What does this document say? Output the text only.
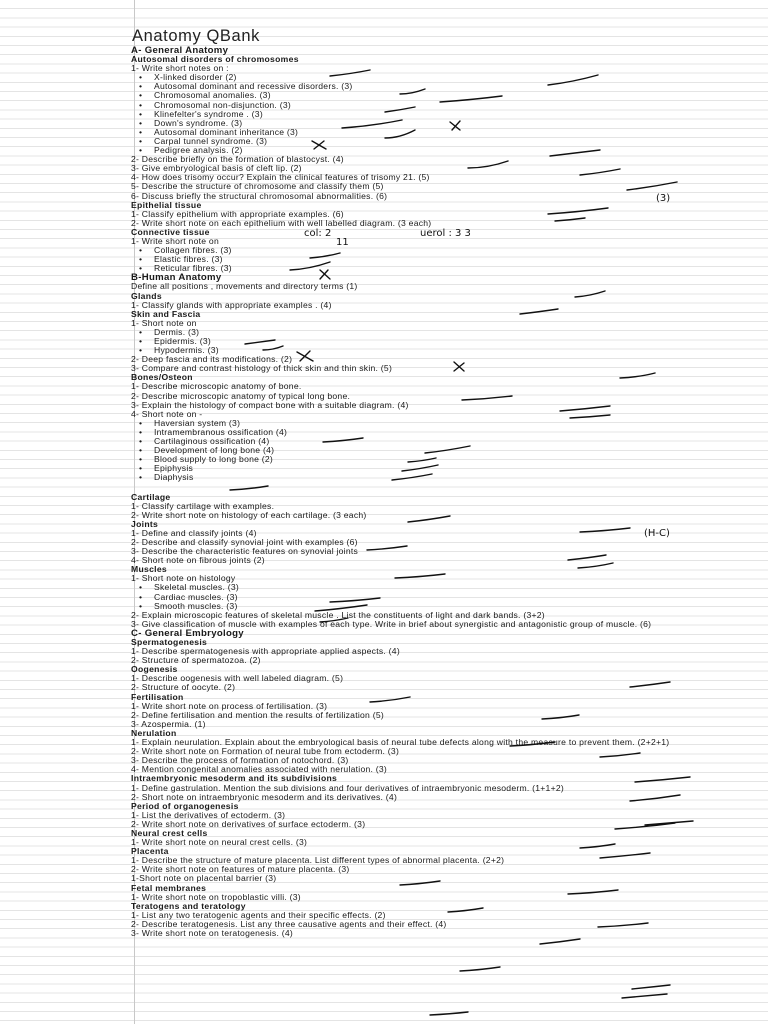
Anatomy QBank
A- General Anatomy
Autosomal disorders of chromosomes
1- Write short notes on :
• X-linked disorder (2)
• Autosomal dominant and recessive disorders. (3)
• Chromosomal anomalies. (3)
• Chromosomal non-disjunction. (3)
• Klinefelter's syndrome . (3)
• Down's syndrome. (3)
• Autosomal dominant inheritance (3)
• Carpal tunnel syndrome. (3)
• Pedigree analysis. (2)
2- Describe briefly on the formation of blastocyst. (4)
3- Give embryological basis of cleft lip. (2)
4- How does trisomy occur? Explain the clinical features of trisomy 21. (5)
5- Describe the structure of chromosome and classify them (5)
6- Discuss briefly the structural chromosomal abnormalities. (6)
Epithelial tissue
1- Classify epithelium with appropriate examples. (6)
2- Write short note on each epithelium with well labelled diagram. (3 each)
Connective tissue
1- Write short note on
• Collagen fibres. (3)
• Elastic fibres. (3)
• Reticular fibres. (3)
B-Human Anatomy
Define all positions , movements and directory terms (1)
Glands
1- Classify glands with appropriate examples . (4)
Skin and Fascia
1- Short note on
• Dermis. (3)
• Epidermis. (3)
• Hypodermis. (3)
2- Deep fascia and its modifications. (2)
3- Compare and contrast histology of thick skin and thin skin. (5)
Bones/Osteon
1- Describe microscopic anatomy of bone.
2- Describe microscopic anatomy of typical long bone.
3- Explain the histology of compact bone with a suitable diagram. (4)
4- Short note on -
• Haversian system (3)
• Intramembranous ossification (4)
• Cartilaginous ossification (4)
• Development of long bone (4)
• Blood supply to long bone (2)
• Epiphysis
• Diaphysis
Cartilage
1- Classify cartilage with examples.
2- Write short note on histology of each cartilage. (3 each)
Joints
1- Define and classify joints (4)
2- Describe and classify synovial joint with examples (6)
3- Describe the characteristic features on synovial joints
4- Short note on fibrous joints (2)
Muscles
1- Short note on histology
• Skeletal muscles. (3)
• Cardiac muscles. (3)
• Smooth muscles. (3)
2- Explain microscopic features of skeletal muscle . List the constituents of light and dark bands. (3+2)
3- Give classification of muscle with examples of each type. Write in brief about synergistic and antagonistic group of muscle. (6)
C- General Embryology
Spermatogenesis
1- Describe spermatogenesis with appropriate applied aspects. (4)
2- Structure of spermatozoa. (2)
Oogenesis
1- Describe oogenesis with well labeled diagram. (5)
2- Structure of oocyte. (2)
Fertilisation
1- Write short note on process of fertilisation. (3)
2- Define fertilisation and mention the results of fertilization (5)
3- Azospermia. (1)
Nerulation
1- Explain neurulation. Explain about the embryological basis of neural tube defects along with the measure to prevent them. (2+2+1)
2- Write short note on Formation of neural tube from ectoderm. (3)
3- Describe the process of formation of notochord. (3)
4- Mention congenital anomalies associated with nerulation. (3)
Intraembryonic mesoderm and its subdivisions
1- Define gastrulation. Mention the sub divisions and four derivatives of intraembryonic mesoderm. (1+1+2)
2- Short note on intraembryonic mesoderm and its derivatives. (4)
Period of organogenesis
1- List the derivatives of ectoderm. (3)
2- Write short note on derivatives of surface ectoderm. (3)
Neural crest cells
1- Write short note on neural crest cells. (3)
Placenta
1- Describe the structure of mature placenta. List different types of abnormal placenta. (2+2)
2- Write short note on features of mature placenta. (3)
1-Short note on placental barrier (3)
Fetal membranes
1- Write short note on tropoblastic villi. (3)
Teratogens and teratology
1- List any two teratogenic agents and their specific effects. (2)
2- Describe teratogenesis. List any three causative agents and their effect. (4)
3- Write short note on teratogenesis. (4)
(3)
col: 2
11
uerol : 3 3
(H-C)
